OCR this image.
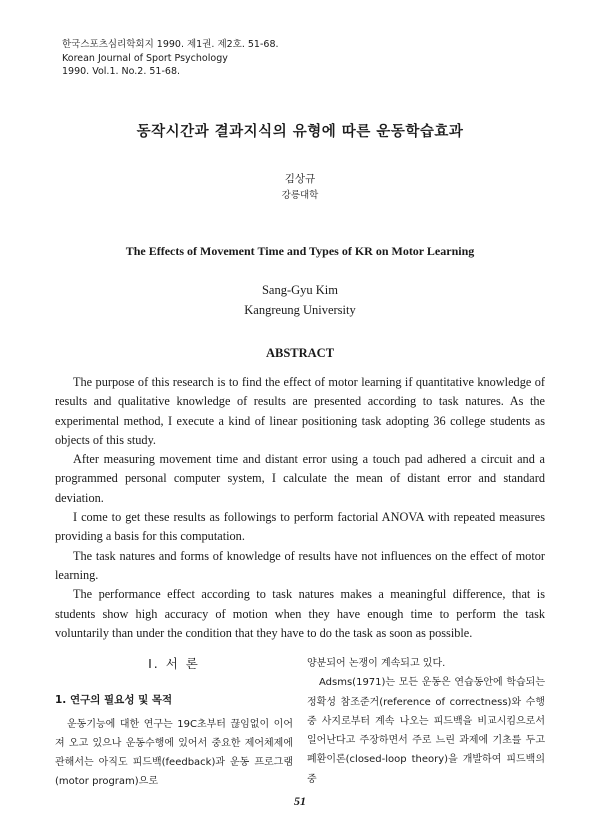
한국스포츠심리학회지 1990. 제1권. 제2호. 51-68.
Korean Journal of Sport Psychology
1990. Vol.1. No.2. 51-68.
동작시간과 결과지식의 유형에 따른 운동학습효과
김상규
강릉대학
The Effects of Movement Time and Types of KR on Motor Learning
Sang-Gyu Kim
Kangreung University
ABSTRACT

The purpose of this research is to find the effect of motor learning if quantitative knowledge of results and qualitative knowledge of results are presented according to task natures. As the experimental method, I execute a kind of linear positioning task adopting 36 college students as objects of this study.

After measuring movement time and distant error using a touch pad adhered a circuit and a programmed personal computer system, I calculate the mean of distant error and standard deviation.

I come to get these results as followings to perform factorial ANOVA with repeated measures providing a basis for this computation.

The task natures and forms of knowledge of results have not influences on the effect of motor learning.

The performance effect according to task natures makes a meaningful difference, that is students show high accuracy of motion when they have enough time to perform the task voluntarily than under the condition that they have to do the task as soon as possible.

I. 서 론

1. 연구의 필요성 및 목적

운동기능에 대한 연구는 19C초부터 끊임없이 이어져 오고 있으나 운동수행에 있어서 중요한 제어체제에 관해서는 아직도 피드백(feedback)과 운동 프로그램(motor program)으로

양분되어 논쟁이 계속되고 있다.

Adsms(1971)는 모든 운동은 연습동안에 학습되는 정확성 참조준거(reference of correctness)와 수행중 사지로부터 계속 나오는 피드백을 비교시킴으로서 일어난다고 주장하면서 주로 느린 과제에 기초를 두고 폐환이론(closed-loop theory)을 개발하여 피드백의 중

51
